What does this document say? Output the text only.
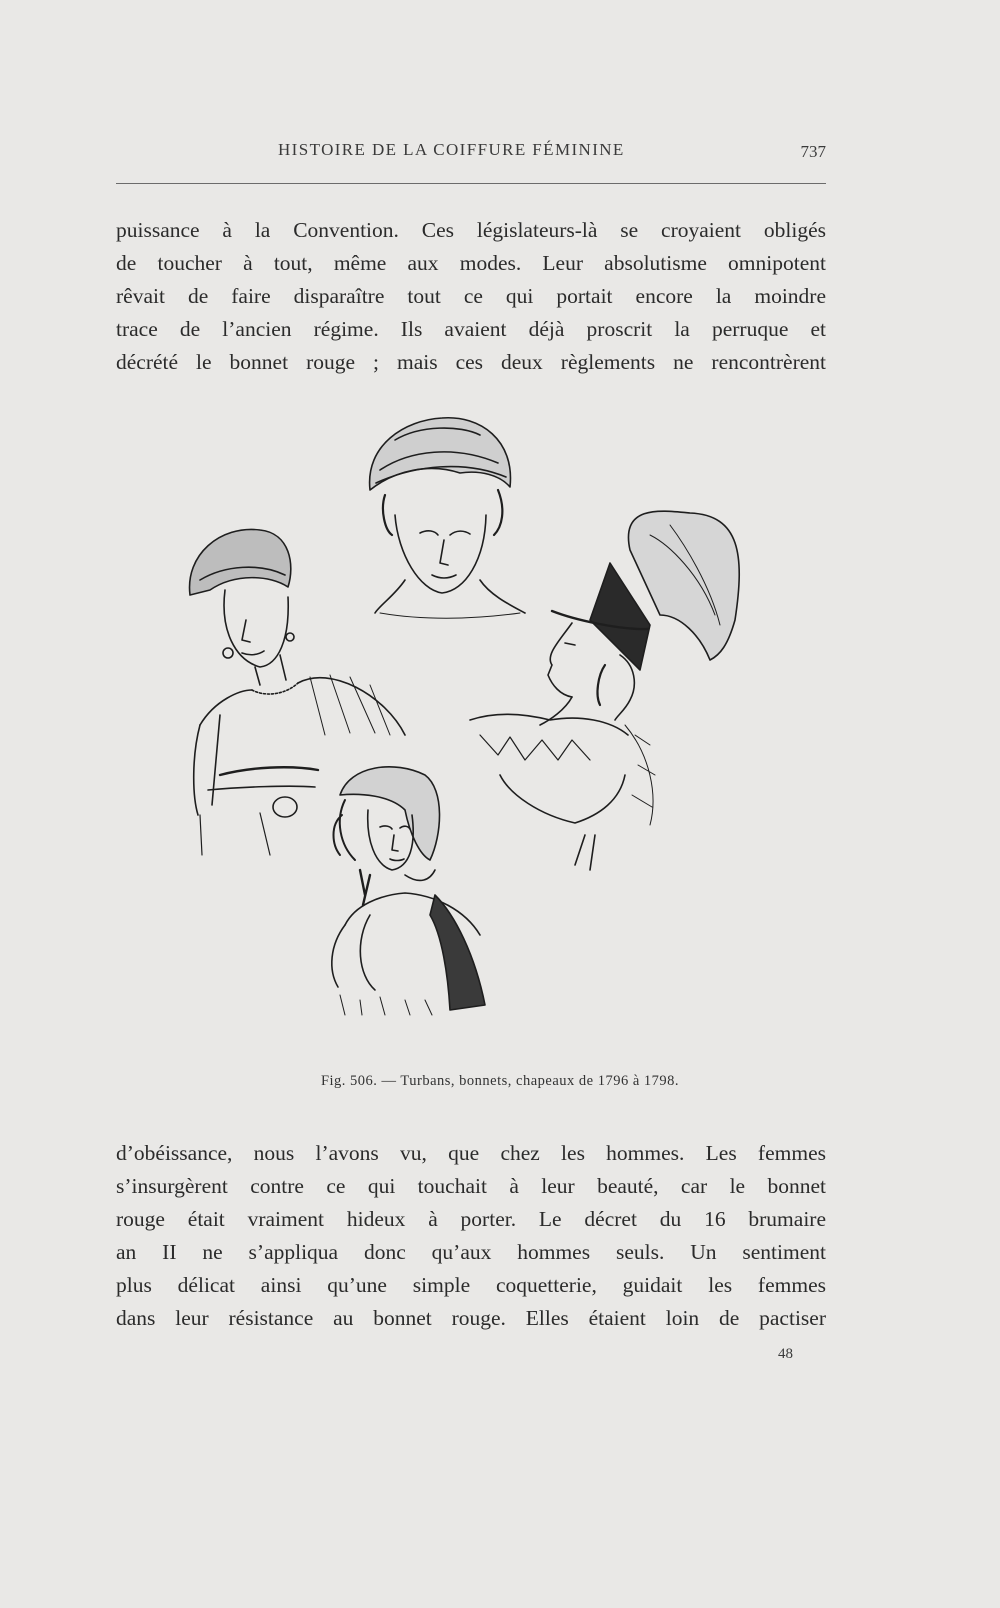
HISTOIRE DE LA COIFFURE FÉMININE	737

puissance à la Convention. Ces législateurs-là se croyaient obligés
de toucher à tout, même aux modes. Leur absolutisme omnipotent
rêvait de faire disparaître tout ce qui portait encore la moindre
trace de l’ancien régime. Ils avaient déjà proscrit la perruque et
décrété le bonnet rouge ; mais ces deux règlements ne rencontrèrent

Fig. 506. — Turbans, bonnets, chapeaux de 1796 à 1798.

d’obéissance, nous l’avons vu, que chez les hommes. Les femmes
s’insurgèrent contre ce qui touchait à leur beauté, car le bonnet
rouge était vraiment hideux à porter. Le décret du 16 brumaire
an II ne s’appliqua donc qu’aux hommes seuls. Un sentiment
plus délicat ainsi qu’une simple coquetterie, guidait les femmes
dans leur résistance au bonnet rouge. Elles étaient loin de pactiser

48
